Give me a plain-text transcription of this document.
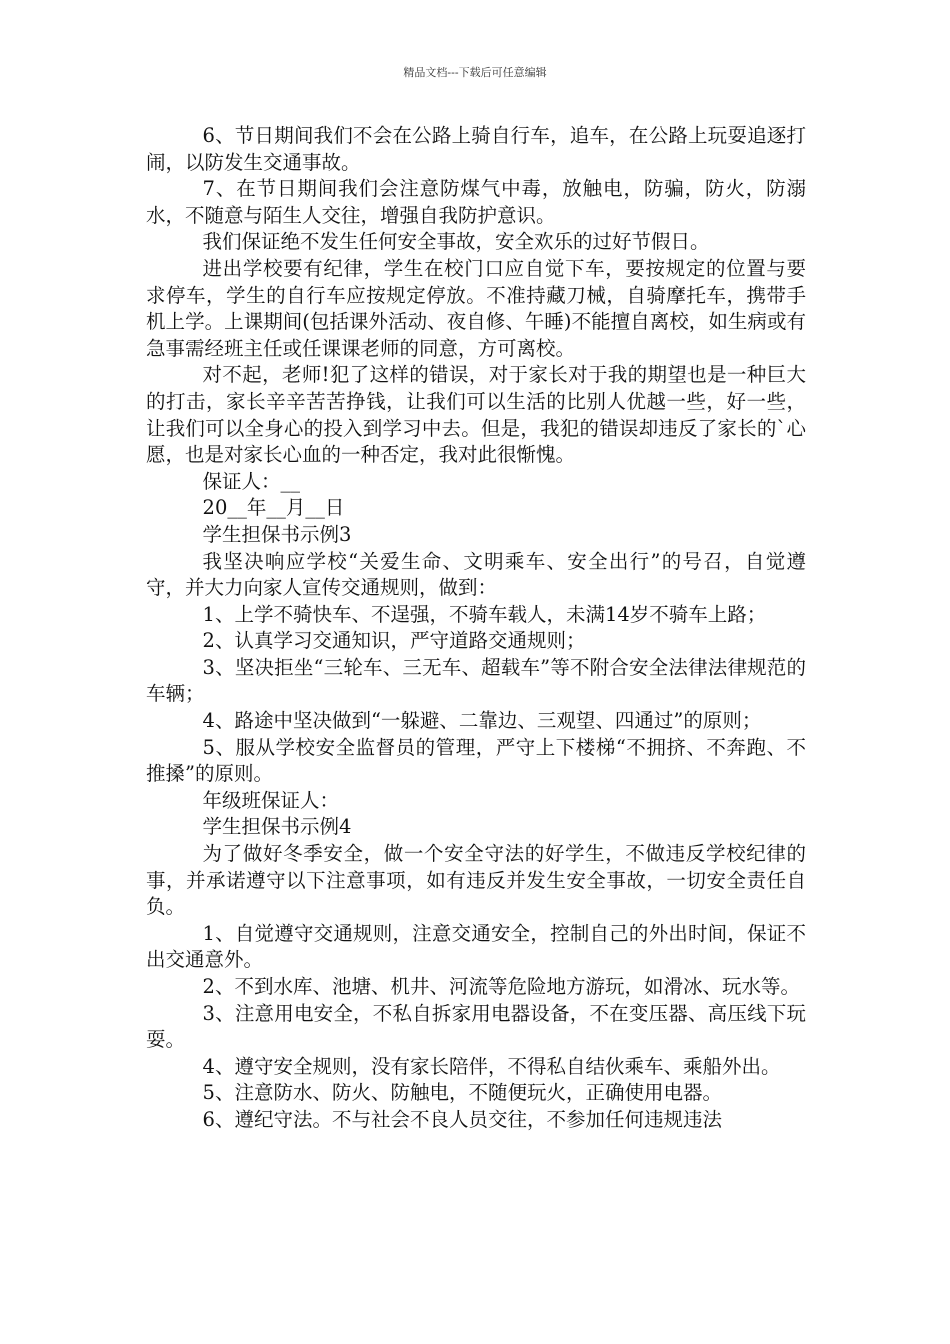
精品文档---下载后可任意编辑

6、节日期间我们不会在公路上骑自行车，追车，在公路上玩耍追逐打闹，以防发生交通事故。

7、在节日期间我们会注意防煤气中毒，放触电，防骗，防火，防溺水，不随意与陌生人交往，增强自我防护意识。

我们保证绝不发生任何安全事故，安全欢乐的过好节假日。

进出学校要有纪律，学生在校门口应自觉下车，要按规定的位置与要求停车，学生的自行车应按规定停放。不准持藏刀械，自骑摩托车，携带手机上学。上课期间(包括课外活动、夜自修、午睡)不能擅自离校，如生病或有急事需经班主任或任课课老师的同意，方可离校。

对不起，老师!犯了这样的错误，对于家长对于我的期望也是一种巨大的打击，家长辛辛苦苦挣钱，让我们可以生活的比别人优越一些，好一些，让我们可以全身心的投入到学习中去。但是，我犯的错误却违反了家长的`心愿，也是对家长心血的一种否定，我对此很惭愧。

保证人：__

20__年__月__日

学生担保书示例3

我坚决响应学校“关爱生命、文明乘车、安全出行”的号召，自觉遵守，并大力向家人宣传交通规则，做到：

1、上学不骑快车、不逞强，不骑车载人，未满14岁不骑车上路；

2、认真学习交通知识，严守道路交通规则；

3、坚决拒坐“三轮车、三无车、超载车”等不附合安全法律法律规范的车辆；

4、路途中坚决做到“一躲避、二靠边、三观望、四通过”的原则；

5、服从学校安全监督员的管理，严守上下楼梯“不拥挤、不奔跑、不推搡”的原则。

年级班保证人：

学生担保书示例4

为了做好冬季安全，做一个安全守法的好学生，不做违反学校纪律的事，并承诺遵守以下注意事项，如有违反并发生安全事故，一切安全责任自负。

1、自觉遵守交通规则，注意交通安全，控制自己的外出时间，保证不出交通意外。

2、不到水库、池塘、机井、河流等危险地方游玩，如滑冰、玩水等。

3、注意用电安全，不私自拆家用电器设备，不在变压器、高压线下玩耍。

4、遵守安全规则，没有家长陪伴，不得私自结伙乘车、乘船外出。

5、注意防水、防火、防触电，不随便玩火，正确使用电器。

6、遵纪守法。不与社会不良人员交往，不参加任何违规违法
